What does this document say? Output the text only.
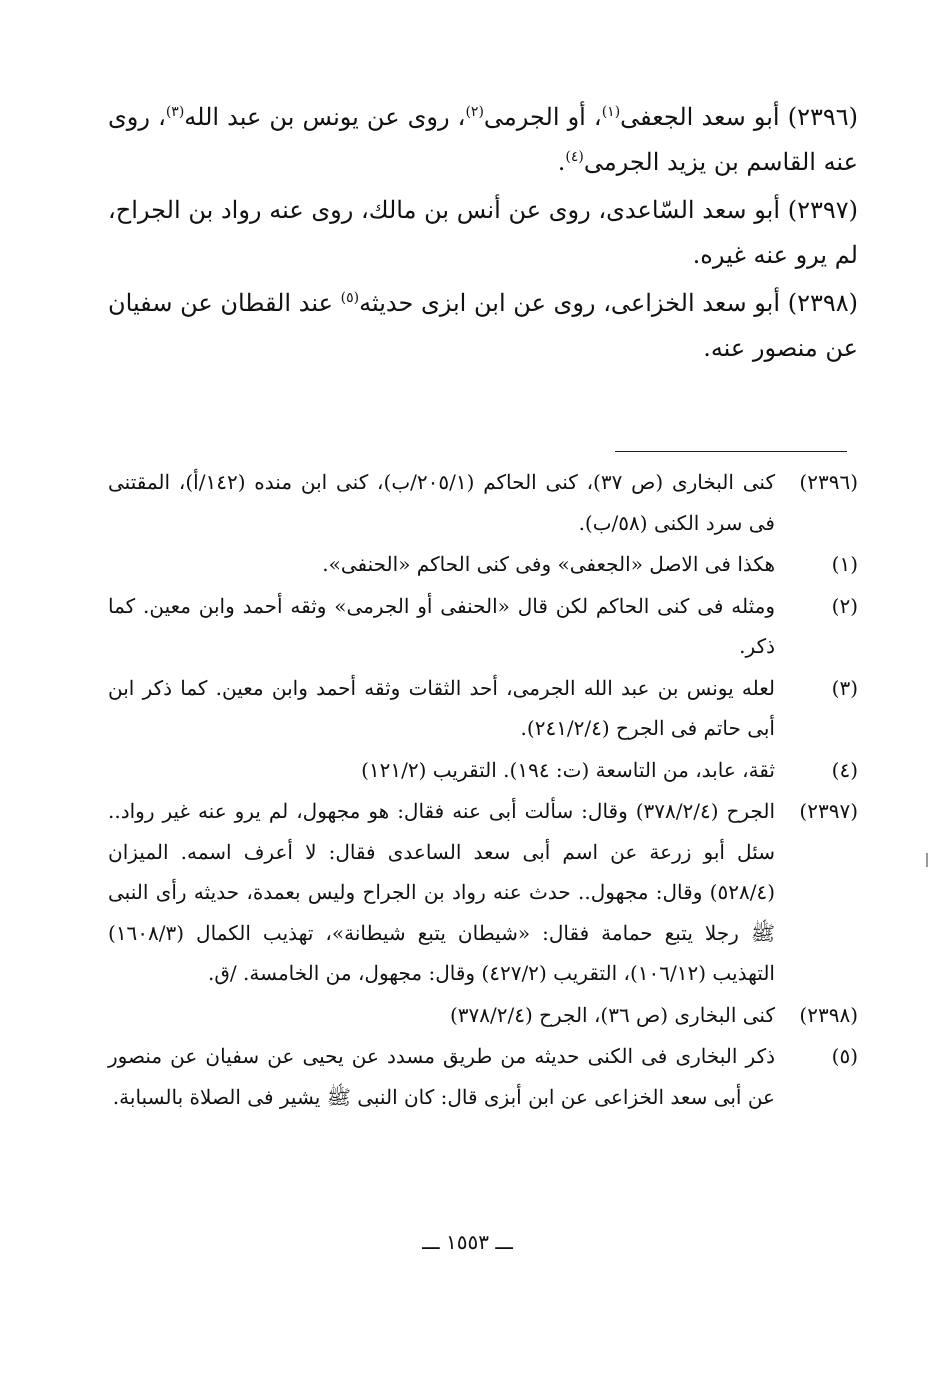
(٢٣٩٦) أبو سعد الجعفى$^{(١)}$، أو الجرمى$^{(٢)}$، روى عن يونس بن عبد الله$^{(٣)}$، روى عنه القاسم بن يزيد الجرمى$^{(٤)}$.

(٢٣٩٧) أبو سعد السّاعدى، روى عن أنس بن مالك، روى عنه رواد بن الجراح، لم يرو عنه غيره.

(٢٣٩٨) أبو سعد الخزاعى، روى عن ابن ابزى حديثه$^{(٥)}$ عند القطان عن سفيان عن منصور عنه.

(٢٣٩٦)
كنى البخارى (ص ٣٧)، كنى الحاكم (٢٠٥/١/ب)، كنى ابن منده (١٤٢/أ)، المقتنى فى سرد الكنى (٥٨/ب).
(١)
هكذا فى الاصل «الجعفى» وفى كنى الحاكم «الحنفى».
(٢)
ومثله فى كنى الحاكم لكن قال «الحنفى أو الجرمى» وثقه أحمد وابن معين. كما ذكر.
(٣)
لعله يونس بن عبد الله الجرمى، أحد الثقات وثقه أحمد وابن معين. كما ذكر ابن أبى حاتم فى الجرح (٢٤١/٢/٤).
(٤)
ثقة، عابد، من التاسعة (ت: ١٩٤). التقريب (١٢١/٢)
(٢٣٩٧)
الجرح (٣٧٨/٢/٤) وقال: سألت أبى عنه فقال: هو مجهول، لم يرو عنه غير رواد.. سئل أبو زرعة عن اسم أبى سعد الساعدى فقال: لا أعرف اسمه. الميزان (٥٢٨/٤) وقال: مجهول.. حدث عنه رواد بن الجراح وليس بعمدة، حديثه رأى النبى ﷺ رجلا يتبع حمامة فقال: «شيطان يتبع شيطانة»، تهذيب الكمال (١٦٠٨/٣) التهذيب (١٠٦/١٢)، التقريب (٤٢٧/٢) وقال: مجهول، من الخامسة. /ق.
(٢٣٩٨)
كنى البخارى (ص ٣٦)، الجرح (٣٧٨/٢/٤)
(٥)
ذكر البخارى فى الكنى حديثه من طريق مسدد عن يحيى عن سفيان عن منصور عن أبى سعد الخزاعى عن ابن أبزى قال: كان النبى ﷺ يشير فى الصلاة بالسبابة.
ـــ ١٥٥٣ ـــ
